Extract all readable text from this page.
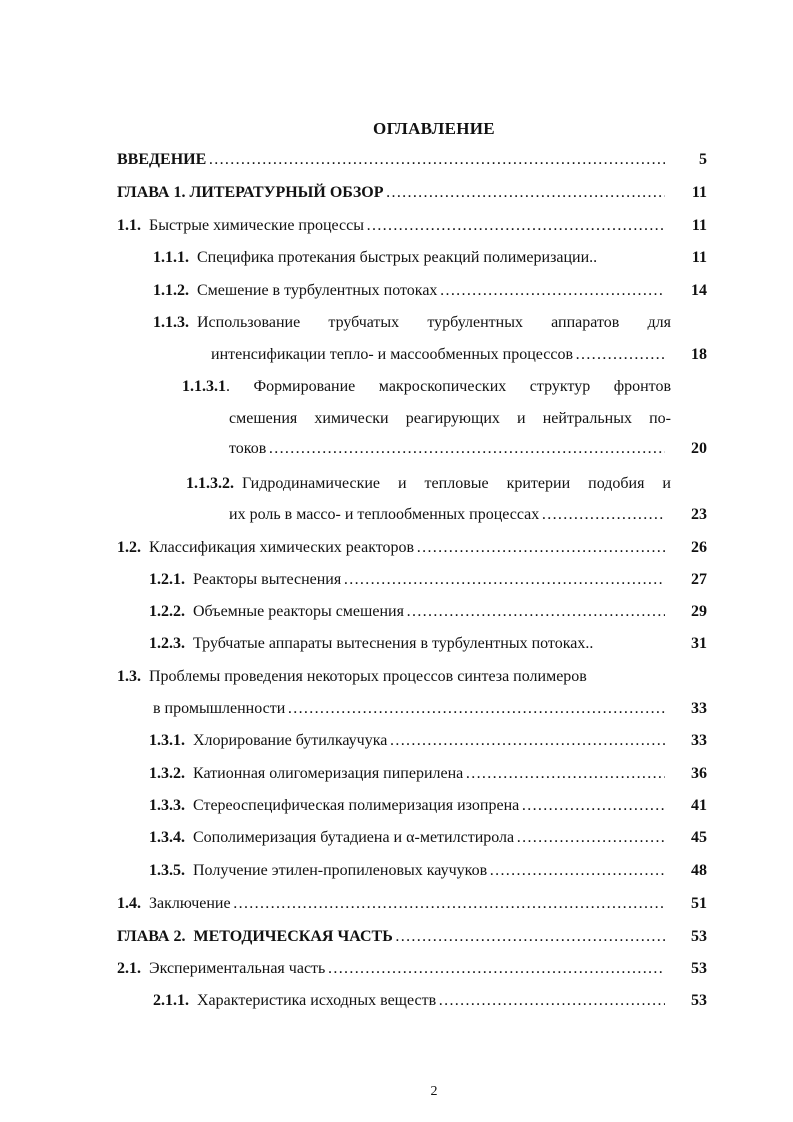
ОГЛАВЛЕНИЕ
ВВЕДЕНИЕ ……………………………………………………………………………………………………………………………………………………………………………………	5
ГЛАВА 1. ЛИТЕРАТУРНЫЙ ОБЗОР ……………………………………………………………………………………………………………………………………………………………………………………	11
1.1. Быстрые химические процессы ……………………………………………………………………………………………………………………………………………………………………………………	11
1.1.1. Специфика протекания быстрых реакций полимеризации..	11
1.1.2. Смешение в турбулентных потоках ……………………………………………………………………………………………………………………………………………………………………………………	14
1.1.3. Использование трубчатых турбулентных аппаратов для
интенсификации тепло- и массообменных процессов ……………………………………………………………………………………………………………………………………………………………………………………	18
1.1.3.1 . Формирование макроскопических структур фронтов
смешения химически реагирующих и нейтральных по-
токов ……………………………………………………………………………………………………………………………………………………………………………………	20
1.1.3.2. Гидродинамические и тепловые критерии подобия и
их роль в массо- и теплообменных процессах ……………………………………………………………………………………………………………………………………………………………………………………	23
1.2. Классификация химических реакторов ……………………………………………………………………………………………………………………………………………………………………………………	26
1.2.1. Реакторы вытеснения ……………………………………………………………………………………………………………………………………………………………………………………	27
1.2.2. Объемные реакторы смешения ……………………………………………………………………………………………………………………………………………………………………………………	29
1.2.3. Трубчатые аппараты вытеснения в турбулентных потоках..	31
1.3. Проблемы проведения некоторых процессов синтеза полимеров
в промышленности ……………………………………………………………………………………………………………………………………………………………………………………	33
1.3.1. Хлорирование бутилкаучука ……………………………………………………………………………………………………………………………………………………………………………………	33
1.3.2. Катионная олигомеризация пиперилена ……………………………………………………………………………………………………………………………………………………………………………………	36
1.3.3. Стереоспецифическая полимеризация изопрена ……………………………………………………………………………………………………………………………………………………………………………………	41
1.3.4. Сополимеризация бутадиена и α-метилстирола ……………………………………………………………………………………………………………………………………………………………………………………	45
1.3.5. Получение этилен-пропиленовых каучуков ……………………………………………………………………………………………………………………………………………………………………………………	48
1.4. Заключение ……………………………………………………………………………………………………………………………………………………………………………………	51
ГЛАВА 2.  МЕТОДИЧЕСКАЯ ЧАСТЬ ……………………………………………………………………………………………………………………………………………………………………………………	53
2.1. Экспериментальная часть ……………………………………………………………………………………………………………………………………………………………………………………	53
2.1.1. Характеристика исходных веществ ……………………………………………………………………………………………………………………………………………………………………………………	53
2
